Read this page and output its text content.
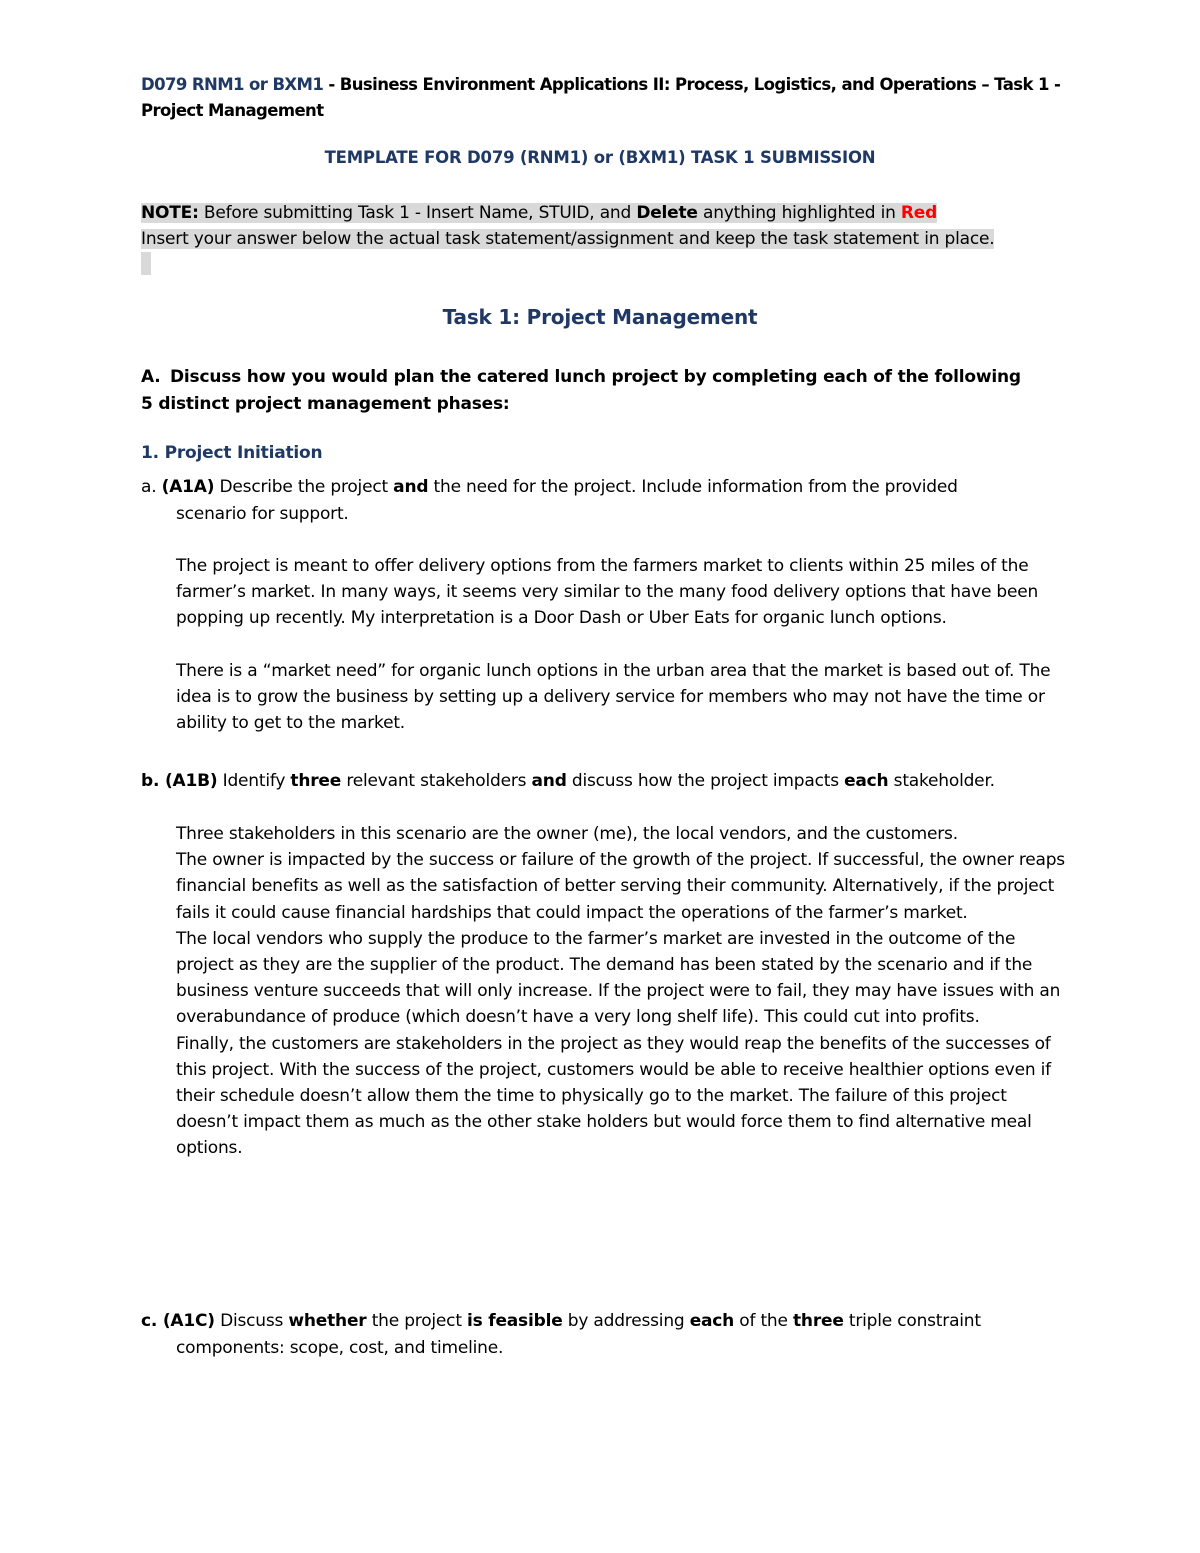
D079 RNM1 or BXM1 - Business Environment Applications II: Process, Logistics, and Operations – Task 1 - Project Management
TEMPLATE FOR D079 (RNM1) or (BXM1) TASK 1 SUBMISSION
NOTE: Before submitting Task 1 - Insert Name, STUID, and Delete anything highlighted in Red
Insert your answer below the actual task statement/assignment and keep the task statement in place.
Task 1: Project Management
A. Discuss how you would plan the catered lunch project by completing each of the following 5 distinct project management phases:
1. Project Initiation
a. (A1A) Describe the project and the need for the project. Include information from the provided
scenario for support.

The project is meant to offer delivery options from the farmers market to clients within 25 miles of the farmer’s market. In many ways, it seems very similar to the many food delivery options that have been popping up recently. My interpretation is a Door Dash or Uber Eats for organic lunch options.

There is a “market need” for organic lunch options in the urban area that the market is based out of. The idea is to grow the business by setting up a delivery service for members who may not have the time or ability to get to the market.

b. (A1B) Identify three relevant stakeholders and discuss how the project impacts each stakeholder.

Three stakeholders in this scenario are the owner (me), the local vendors, and the customers.

The owner is impacted by the success or failure of the growth of the project. If successful, the owner reaps financial benefits as well as the satisfaction of better serving their community. Alternatively, if the project fails it could cause financial hardships that could impact the operations of the farmer’s market.

The local vendors who supply the produce to the farmer’s market are invested in the outcome of the project as they are the supplier of the product. The demand has been stated by the scenario and if the business venture succeeds that will only increase. If the project were to fail, they may have issues with an overabundance of produce (which doesn’t have a very long shelf life). This could cut into profits.

Finally, the customers are stakeholders in the project as they would reap the benefits of the successes of this project. With the success of the project, customers would be able to receive healthier options even if their schedule doesn’t allow them the time to physically go to the market. The failure of this project doesn’t impact them as much as the other stake holders but would force them to find alternative meal options.

c. (A1C) Discuss whether the project is feasible by addressing each of the three triple constraint
components: scope, cost, and timeline.
